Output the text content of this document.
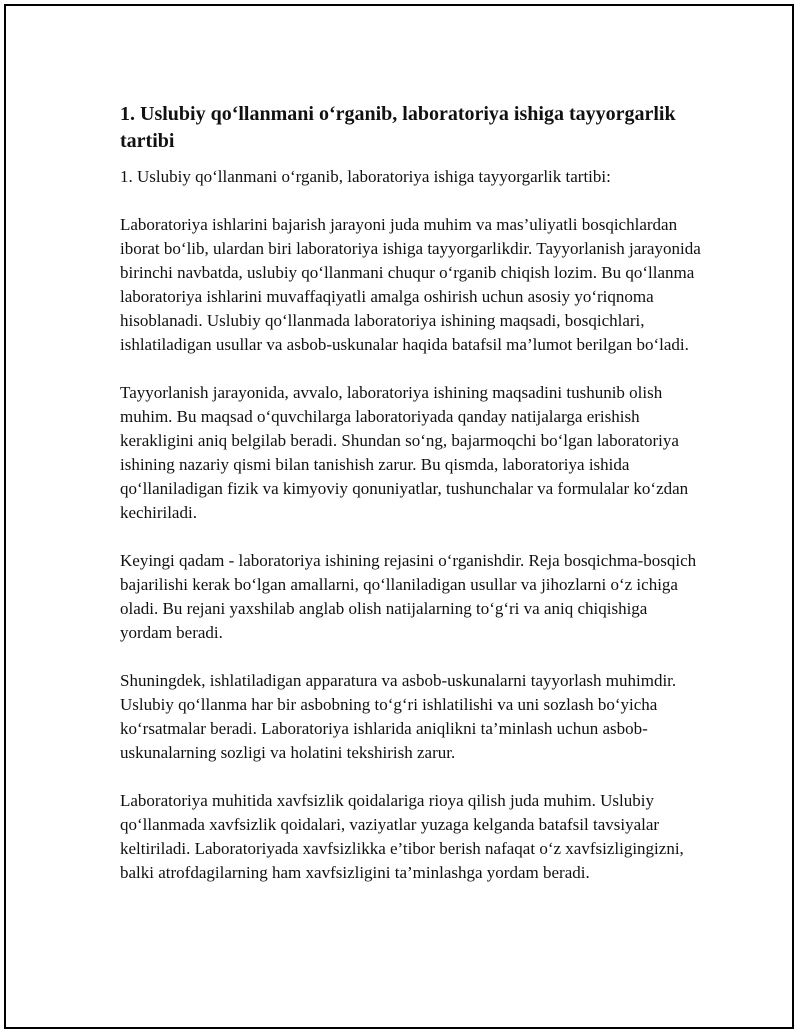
1. Uslubiy qo‘llanmani o‘rganib, laboratoriya ishiga tayyorgarlik tartibi

1. Uslubiy qo‘llanmani o‘rganib, laboratoriya ishiga tayyorgarlik tartibi:

Laboratoriya ishlarini bajarish jarayoni juda muhim va mas’uliyatli bosqichlardan iborat bo‘lib, ulardan biri laboratoriya ishiga tayyorgarlikdir. Tayyorlanish jarayonida birinchi navbatda, uslubiy qo‘llanmani chuqur o‘rganib chiqish lozim. Bu qo‘llanma laboratoriya ishlarini muvaffaqiyatli amalga oshirish uchun asosiy yo‘riqnoma hisoblanadi. Uslubiy qo‘llanmada laboratoriya ishining maqsadi, bosqichlari, ishlatiladigan usullar va asbob-uskunalar haqida batafsil ma’lumot berilgan bo‘ladi.

Tayyorlanish jarayonida, avvalo, laboratoriya ishining maqsadini tushunib olish muhim. Bu maqsad o‘quvchilarga laboratoriyada qanday natijalarga erishish kerakligini aniq belgilab beradi. Shundan so‘ng, bajarmoqchi bo‘lgan laboratoriya ishining nazariy qismi bilan tanishish zarur. Bu qismda, laboratoriya ishida qo‘llaniladigan fizik va kimyoviy qonuniyatlar, tushunchalar va formulalar ko‘zdan kechiriladi.

Keyingi qadam - laboratoriya ishining rejasini o‘rganishdir. Reja bosqichma-bosqich bajarilishi kerak bo‘lgan amallarni, qo‘llaniladigan usullar va jihozlarni o‘z ichiga oladi. Bu rejani yaxshilab anglab olish natijalarning to‘g‘ri va aniq chiqishiga yordam beradi.

Shuningdek, ishlatiladigan apparatura va asbob-uskunalarni tayyorlash muhimdir. Uslubiy qo‘llanma har bir asbobning to‘g‘ri ishlatilishi va uni sozlash bo‘yicha ko‘rsatmalar beradi. Laboratoriya ishlarida aniqlikni ta’minlash uchun asbob-uskunalarning sozligi va holatini tekshirish zarur.

Laboratoriya muhitida xavfsizlik qoidalariga rioya qilish juda muhim. Uslubiy qo‘llanmada xavfsizlik qoidalari, vaziyatlar yuzaga kelganda batafsil tavsiyalar keltiriladi. Laboratoriyada xavfsizlikka e’tibor berish nafaqat o‘z xavfsizligingizni, balki atrofdagilarning ham xavfsizligini ta’minlashga yordam beradi.
